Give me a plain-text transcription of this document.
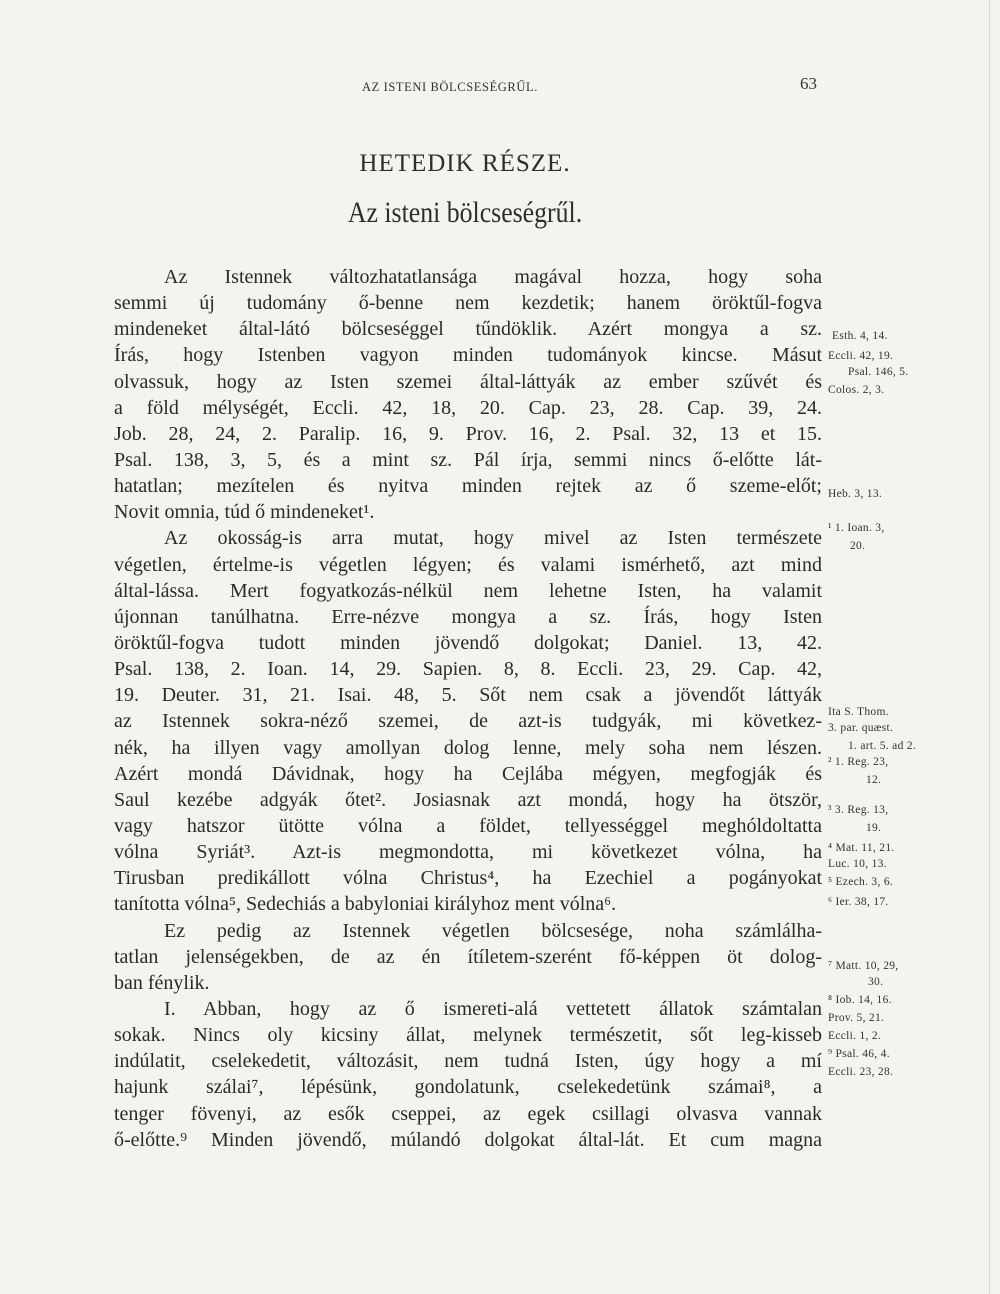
AZ ISTENI BÖLCSESÉGRŰL.	63
HETEDIK RÉSZE.
Az isteni bölcseségrűl.
Az Istennek változhatatlansága magával hozza, hogy soha
semmi új tudomány ő-benne nem kezdetik; hanem öröktűl-fogva
mindeneket által-látó bölcseséggel tűndöklik. Azért mongya a sz.
Írás, hogy Istenben vagyon minden tudományok kincse. Másut
olvassuk, hogy az Isten szemei által-láttyák az ember szűvét és
a föld mélységét, Eccli. 42, 18, 20. Cap. 23, 28. Cap. 39, 24.
Job. 28, 24, 2. Paralip. 16, 9. Prov. 16, 2. Psal. 32, 13 et 15.
Psal. 138, 3, 5, és a mint sz. Pál írja, semmi nincs ő-előtte lát-
hatatlan; mezítelen és nyitva minden rejtek az ő szeme-előt;
Novit omnia, túd ő mindeneket¹.
Az okosság-is arra mutat, hogy mivel az Isten természete
végetlen, értelme-is végetlen légyen; és valami ismérhető, azt mind
által-lássa. Mert fogyatkozás-nélkül nem lehetne Isten, ha valamit
újonnan tanúlhatna. Erre-nézve mongya a sz. Írás, hogy Isten
öröktűl-fogva tudott minden jövendő dolgokat; Daniel. 13, 42.
Psal. 138, 2. Ioan. 14, 29. Sapien. 8, 8. Eccli. 23, 29. Cap. 42,
19. Deuter. 31, 21. Isai. 48, 5. Sőt nem csak a jövendőt láttyák
az Istennek sokra-néző szemei, de azt-is tudgyák, mi következ-
nék, ha illyen vagy amollyan dolog lenne, mely soha nem lészen.
Azért mondá Dávidnak, hogy ha Cejlába mégyen, megfogják és
Saul kezébe adgyák őtet². Josiasnak azt mondá, hogy ha ötször,
vagy hatszor ütötte vólna a földet, tellyességgel meghóldoltatta
vólna Syriát³. Azt-is megmondotta, mi következet vólna, ha
Tirusban predikállott vólna Christus⁴, ha Ezechiel a pogányokat
tanította vólna⁵, Sedechiás a babyloniai királyhoz ment vólna⁶.
Ez pedig az Istennek végetlen bölcsesége, noha számlálha-
tatlan jelenségekben, de az én ítíletem-szerént fő-képpen öt dolog-
ban fénylik.
I. Abban, hogy az ő ismereti-alá vettetett állatok számtalan
sokak. Nincs oly kicsiny állat, melynek természetit, sőt leg-kisseb
indúlatit, cselekedetit, változásit, nem tudná Isten, úgy hogy a mí
hajunk szálai⁷, lépésünk, gondolatunk, cselekedetünk számai⁸, a
tenger föveny​i, az esők cseppei, az egek csillagi olvasva vannak
ő-előtte.⁹ Minden jövendő, múlandó dolgokat által-lát. Et cum magna
Esth. 4, 14.
Eccli. 42, 19.
Psal. 146, 5.
Colos. 2, 3.
Heb. 3, 13.
¹ 1. Ioan. 3,
20.
Ita S. Thom.
3. par. quæst.
1. art. 5. ad 2.
² 1. Reg. 23,
12.
³ 3. Reg. 13,
19.
⁴ Mat. 11, 21.
Luc. 10, 13.
⁵ Ezech. 3, 6.
⁶ Ier. 38, 17.
⁷ Matt. 10, 29,
30.
⁸ Iob. 14, 16.
Prov. 5, 21.
Eccli. 1, 2.
⁹ Psal. 46, 4.
Eccli. 23, 28.
